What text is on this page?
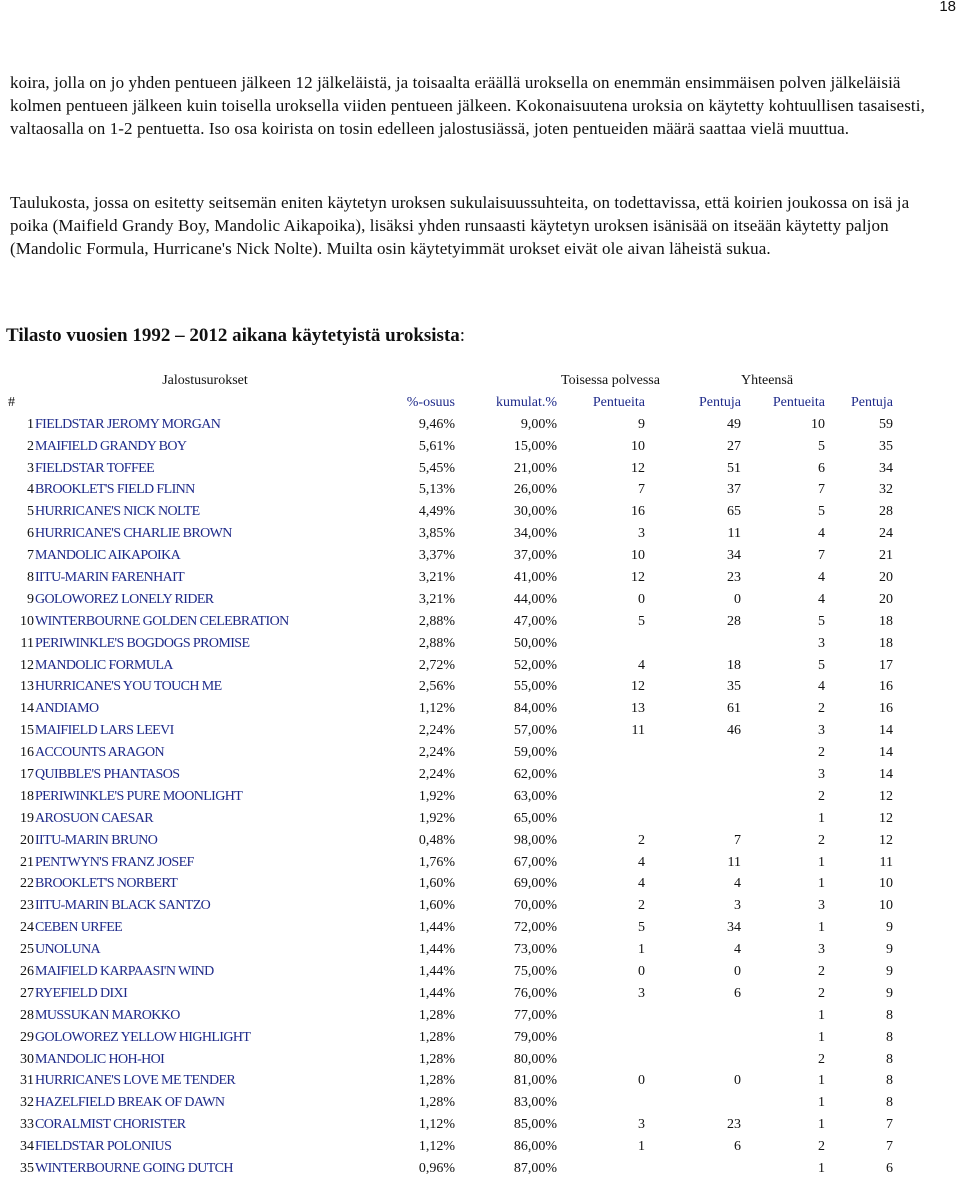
18

koira, jolla on jo yhden pentueen jälkeen 12 jälkeläistä, ja toisaalta eräällä uroksella on enemmän ensimmäisen polven jälkeläisiä kolmen pentueen jälkeen kuin toisella uroksella viiden pentueen jälkeen. Kokonaisuutena uroksia on käytetty kohtuullisen tasaisesti, valtaosalla on 1-2 pentuetta. Iso osa koirista on tosin edelleen jalostusiässä, joten pentueiden määrä saattaa vielä muuttua.

Taulukosta, jossa on esitetty seitsemän eniten käytetyn uroksen sukulaisuussuhteita, on todettavissa, että koirien joukossa on isä ja poika (Maifield Grandy Boy, Mandolic Aikapoika), lisäksi yhden runsaasti käytetyn uroksen isänisää on itseään käytetty paljon (Mandolic Formula, Hurricane's Nick Nolte). Muilta osin käytetyimmät urokset eivät ole aivan läheistä sukua.

Tilasto vuosien 1992 – 2012 aikana käytetyistä uroksista:
	Jalostusurokset			Toisessa polvessa		Yhteensä	
#		%-osuus	kumulat.%	Pentueita	Pentuja	Pentueita	Pentuja
1	FIELDSTAR JEROMY MORGAN	9,46%	9,00%	9	49	10	59
2	MAIFIELD GRANDY BOY	5,61%	15,00%	10	27	5	35
3	FIELDSTAR TOFFEE	5,45%	21,00%	12	51	6	34
4	BROOKLET'S FIELD FLINN	5,13%	26,00%	7	37	7	32
5	HURRICANE'S NICK NOLTE	4,49%	30,00%	16	65	5	28
6	HURRICANE'S CHARLIE BROWN	3,85%	34,00%	3	11	4	24
7	MANDOLIC AIKAPOIKA	3,37%	37,00%	10	34	7	21
8	IITU-MARIN FARENHAIT	3,21%	41,00%	12	23	4	20
9	GOLOWOREZ LONELY RIDER	3,21%	44,00%	0	0	4	20
10	WINTERBOURNE GOLDEN CELEBRATION	2,88%	47,00%	5	28	5	18
11	PERIWINKLE'S BOGDOGS PROMISE	2,88%	50,00%			3	18
12	MANDOLIC FORMULA	2,72%	52,00%	4	18	5	17
13	HURRICANE'S YOU TOUCH ME	2,56%	55,00%	12	35	4	16
14	ANDIAMO	1,12%	84,00%	13	61	2	16
15	MAIFIELD LARS LEEVI	2,24%	57,00%	11	46	3	14
16	ACCOUNTS ARAGON	2,24%	59,00%			2	14
17	QUIBBLE'S PHANTASOS	2,24%	62,00%			3	14
18	PERIWINKLE'S PURE MOONLIGHT	1,92%	63,00%			2	12
19	AROSUON CAESAR	1,92%	65,00%			1	12
20	IITU-MARIN BRUNO	0,48%	98,00%	2	7	2	12
21	PENTWYN'S FRANZ JOSEF	1,76%	67,00%	4	11	1	11
22	BROOKLET'S NORBERT	1,60%	69,00%	4	4	1	10
23	IITU-MARIN BLACK SANTZO	1,60%	70,00%	2	3	3	10
24	CEBEN URFEE	1,44%	72,00%	5	34	1	9
25	UNOLUNA	1,44%	73,00%	1	4	3	9
26	MAIFIELD KARPAASI'N WIND	1,44%	75,00%	0	0	2	9
27	RYEFIELD DIXI	1,44%	76,00%	3	6	2	9
28	MUSSUKAN MAROKKO	1,28%	77,00%			1	8
29	GOLOWOREZ YELLOW HIGHLIGHT	1,28%	79,00%			1	8
30	MANDOLIC HOH-HOI	1,28%	80,00%			2	8
31	HURRICANE'S LOVE ME TENDER	1,28%	81,00%	0	0	1	8
32	HAZELFIELD BREAK OF DAWN	1,28%	83,00%			1	8
33	CORALMIST CHORISTER	1,12%	85,00%	3	23	1	7
34	FIELDSTAR POLONIUS	1,12%	86,00%	1	6	2	7
35	WINTERBOURNE GOING DUTCH	0,96%	87,00%			1	6
